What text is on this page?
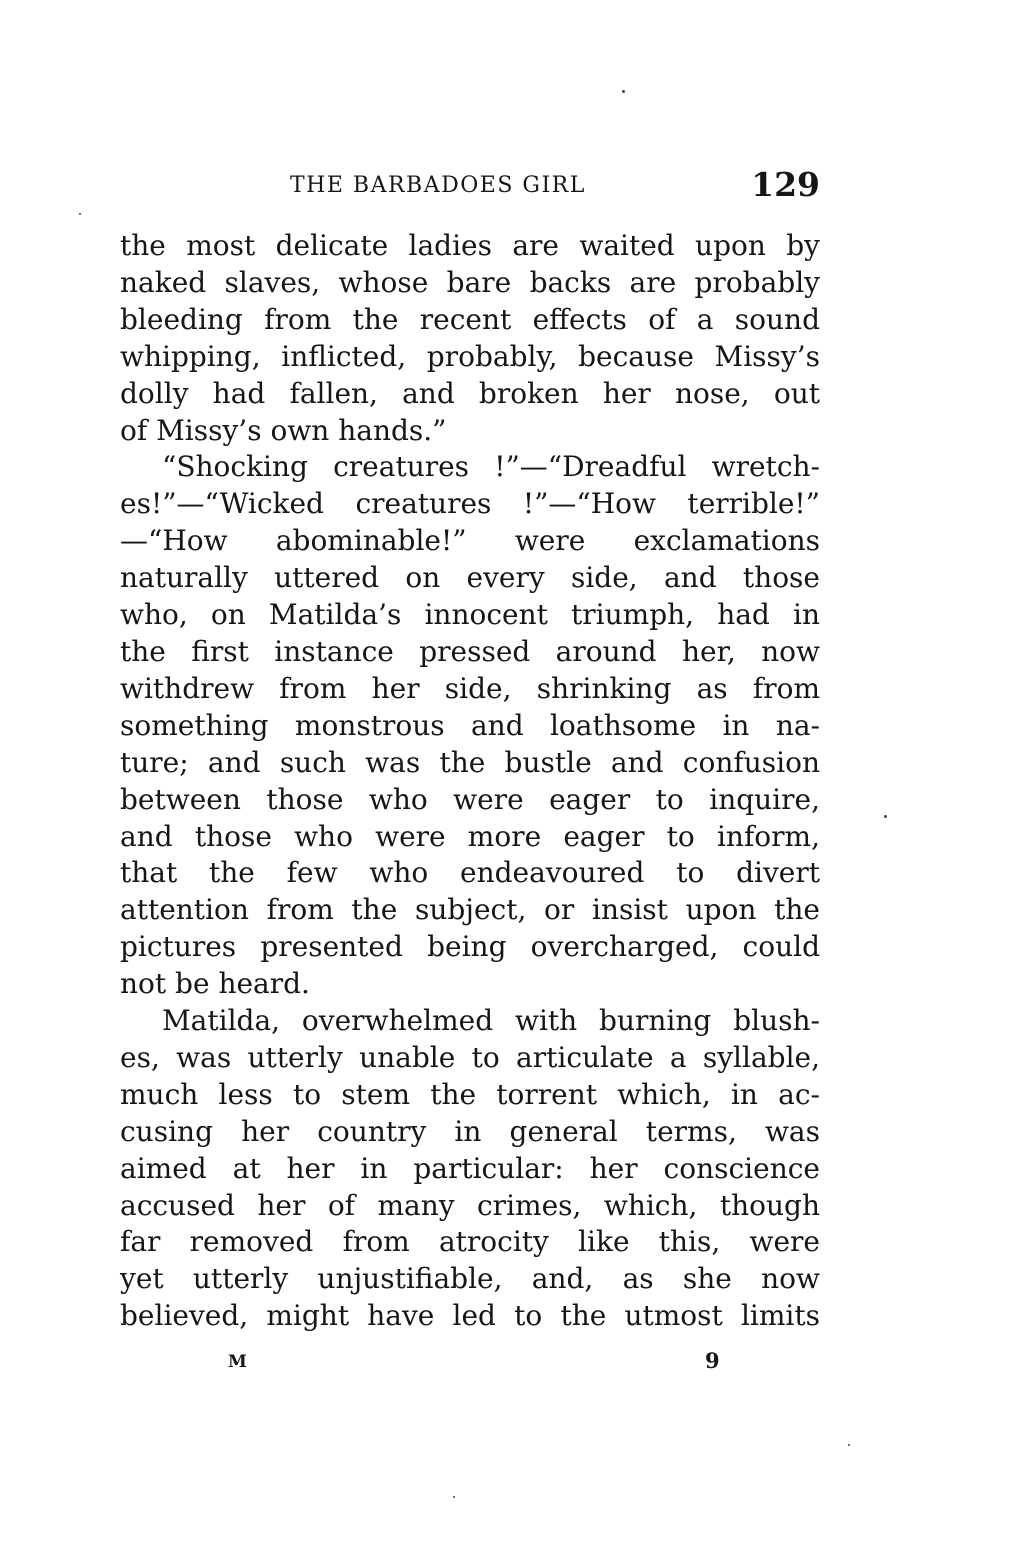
THE BARBADOES GIRL	129
the most delicate ladies are waited upon by
naked slaves, whose bare backs are probably
bleeding from the recent effects of a sound
whipping, inflicted, probably, because Missy’s
dolly had fallen, and broken her nose, out
of Missy’s own hands.”
“Shocking creatures !”—“Dreadful wretch-
es!”—“Wicked creatures !”—“How terrible!”
—“How abominable!” were exclamations
naturally uttered on every side, and those
who, on Matilda’s innocent triumph, had in
the first instance pressed around her, now
withdrew from her side, shrinking as from
something monstrous and loathsome in na-
ture; and such was the bustle and confusion
between those who were eager to inquire,
and those who were more eager to inform,
that the few who endeavoured to divert
attention from the subject, or insist upon the
pictures presented being overcharged, could
not be heard.
Matilda, overwhelmed with burning blush-
es, was utterly unable to articulate a syllable,
much less to stem the torrent which, in ac-
cusing her country in general terms, was
aimed at her in particular: her conscience
accused her of many crimes, which, though
far removed from atrocity like this, were
yet utterly unjustifiable, and, as she now
believed, might have led to the utmost limits
M	9
